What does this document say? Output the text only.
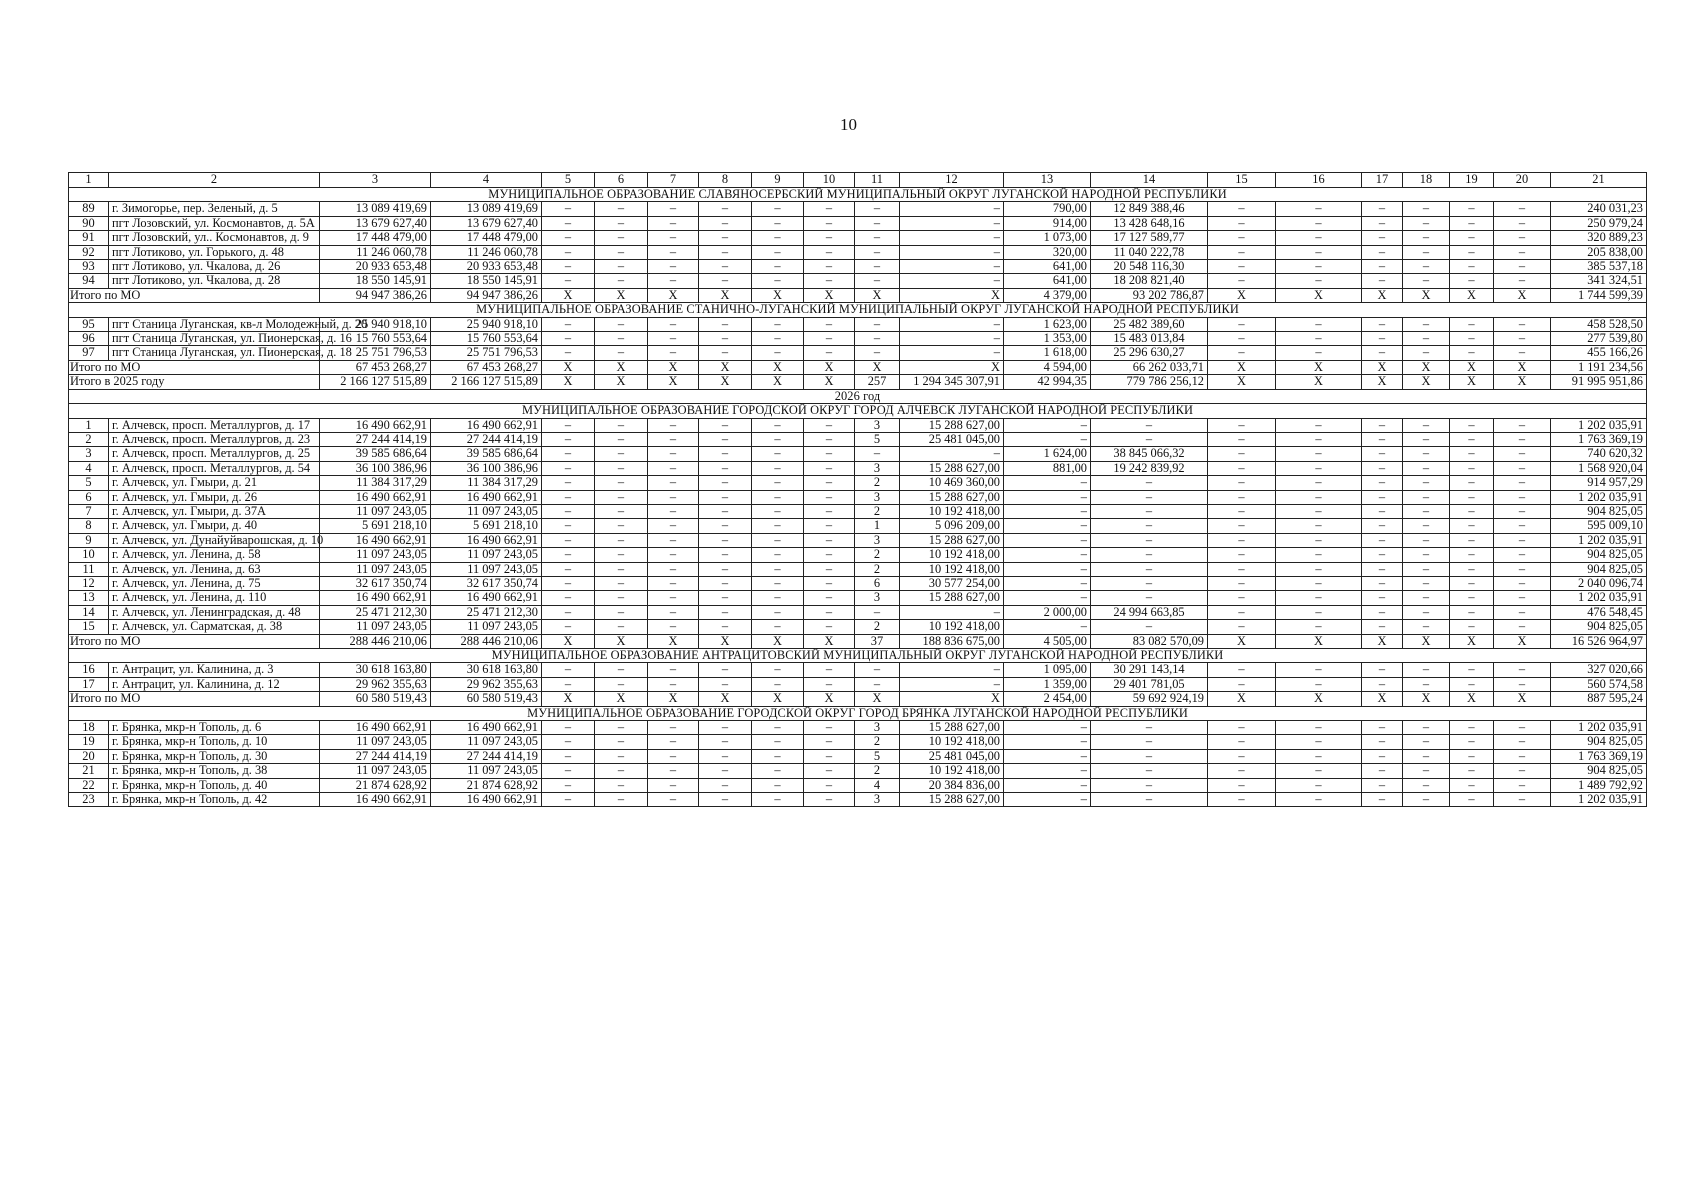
10
1	2	3	4	5	6	7	8	9	10	11	12	13	14	15	16	17	18	19	20	21
МУНИЦИПАЛЬНОЕ ОБРАЗОВАНИЕ СЛАВЯНОСЕРБСКИЙ МУНИЦИПАЛЬНЫЙ ОКРУГ ЛУГАНСКОЙ НАРОДНОЙ РЕСПУБЛИКИ																				
89	г. Зимогорье, пер. Зеленый, д. 5	13 089 419,69	13 089 419,69	–	–	–	–	–	–	–	–	790,00	12 849 388,46	–	–	–	–	–	–	240 031,23
90	пгт Лозовский, ул. Космонавтов, д. 5А	13 679 627,40	13 679 627,40	–	–	–	–	–	–	–	–	914,00	13 428 648,16	–	–	–	–	–	–	250 979,24
91	пгт Лозовский, ул.. Космонавтов, д. 9	17 448 479,00	17 448 479,00	–	–	–	–	–	–	–	–	1 073,00	17 127 589,77	–	–	–	–	–	–	320 889,23
92	пгт Лотиково, ул. Горького, д. 48	11 246 060,78	11 246 060,78	–	–	–	–	–	–	–	–	320,00	11 040 222,78	–	–	–	–	–	–	205 838,00
93	пгт Лотиково, ул. Чкалова, д. 26	20 933 653,48	20 933 653,48	–	–	–	–	–	–	–	–	641,00	20 548 116,30	–	–	–	–	–	–	385 537,18
94	пгт Лотиково, ул. Чкалова, д. 28	18 550 145,91	18 550 145,91	–	–	–	–	–	–	–	–	641,00	18 208 821,40	–	–	–	–	–	–	341 324,51
Итого по МО		94 947 386,26	94 947 386,26	X	X	X	X	X	X	X	X	4 379,00	93 202 786,87	X	X	X	X	X	X	1 744 599,39
МУНИЦИПАЛЬНОЕ ОБРАЗОВАНИЕ СТАНИЧНО-ЛУГАНСКИЙ МУНИЦИПАЛЬНЫЙ ОКРУГ ЛУГАНСКОЙ НАРОДНОЙ РЕСПУБЛИКИ																				
95	пгт Станица Луганская, кв-л Молодежный, д. 20	25 940 918,10	25 940 918,10	–	–	–	–	–	–	–	–	1 623,00	25 482 389,60	–	–	–	–	–	–	458 528,50
96	пгт Станица Луганская, ул. Пионерская, д. 16	15 760 553,64	15 760 553,64	–	–	–	–	–	–	–	–	1 353,00	15 483 013,84	–	–	–	–	–	–	277 539,80
97	пгт Станица Луганская, ул. Пионерская, д. 18	25 751 796,53	25 751 796,53	–	–	–	–	–	–	–	–	1 618,00	25 296 630,27	–	–	–	–	–	–	455 166,26
Итого по МО		67 453 268,27	67 453 268,27	X	X	X	X	X	X	X	X	4 594,00	66 262 033,71	X	X	X	X	X	X	1 191 234,56
Итого в 2025 году		2 166 127 515,89	2 166 127 515,89	X	X	X	X	X	X	257	1 294 345 307,91	42 994,35	779 786 256,12	X	X	X	X	X	X	91 995 951,86
2026 год																				
МУНИЦИПАЛЬНОЕ ОБРАЗОВАНИЕ ГОРОДСКОЙ ОКРУГ ГОРОД АЛЧЕВСК ЛУГАНСКОЙ НАРОДНОЙ РЕСПУБЛИКИ																				
1	г. Алчевск, просп. Металлургов, д. 17	16 490 662,91	16 490 662,91	–	–	–	–	–	–	3	15 288 627,00	–	–	–	–	–	–	–	–	1 202 035,91
2	г. Алчевск, просп. Металлургов, д. 23	27 244 414,19	27 244 414,19	–	–	–	–	–	–	5	25 481 045,00	–	–	–	–	–	–	–	–	1 763 369,19
3	г. Алчевск, просп. Металлургов, д. 25	39 585 686,64	39 585 686,64	–	–	–	–	–	–	–	–	1 624,00	38 845 066,32	–	–	–	–	–	–	740 620,32
4	г. Алчевск, просп. Металлургов, д. 54	36 100 386,96	36 100 386,96	–	–	–	–	–	–	3	15 288 627,00	881,00	19 242 839,92	–	–	–	–	–	–	1 568 920,04
5	г. Алчевск, ул. Гмыри, д. 21	11 384 317,29	11 384 317,29	–	–	–	–	–	–	2	10 469 360,00	–	–	–	–	–	–	–	–	914 957,29
6	г. Алчевск, ул. Гмыри, д. 26	16 490 662,91	16 490 662,91	–	–	–	–	–	–	3	15 288 627,00	–	–	–	–	–	–	–	–	1 202 035,91
7	г. Алчевск, ул. Гмыри, д. 37А	11 097 243,05	11 097 243,05	–	–	–	–	–	–	2	10 192 418,00	–	–	–	–	–	–	–	–	904 825,05
8	г. Алчевск, ул. Гмыри, д. 40	5 691 218,10	5 691 218,10	–	–	–	–	–	–	1	5 096 209,00	–	–	–	–	–	–	–	–	595 009,10
9	г. Алчевск, ул. Дунайуйварошская, д. 10	16 490 662,91	16 490 662,91	–	–	–	–	–	–	3	15 288 627,00	–	–	–	–	–	–	–	–	1 202 035,91
10	г. Алчевск, ул. Ленина, д. 58	11 097 243,05	11 097 243,05	–	–	–	–	–	–	2	10 192 418,00	–	–	–	–	–	–	–	–	904 825,05
11	г. Алчевск, ул. Ленина, д. 63	11 097 243,05	11 097 243,05	–	–	–	–	–	–	2	10 192 418,00	–	–	–	–	–	–	–	–	904 825,05
12	г. Алчевск, ул. Ленина, д. 75	32 617 350,74	32 617 350,74	–	–	–	–	–	–	6	30 577 254,00	–	–	–	–	–	–	–	–	2 040 096,74
13	г. Алчевск, ул. Ленина, д. 110	16 490 662,91	16 490 662,91	–	–	–	–	–	–	3	15 288 627,00	–	–	–	–	–	–	–	–	1 202 035,91
14	г. Алчевск, ул. Ленинградская, д. 48	25 471 212,30	25 471 212,30	–	–	–	–	–	–	–	–	2 000,00	24 994 663,85	–	–	–	–	–	–	476 548,45
15	г. Алчевск, ул. Сарматская, д. 38	11 097 243,05	11 097 243,05	–	–	–	–	–	–	2	10 192 418,00	–	–	–	–	–	–	–	–	904 825,05
Итого по МО		288 446 210,06	288 446 210,06	X	X	X	X	X	X	37	188 836 675,00	4 505,00	83 082 570,09	X	X	X	X	X	X	16 526 964,97
МУНИЦИПАЛЬНОЕ ОБРАЗОВАНИЕ АНТРАЦИТОВСКИЙ МУНИЦИПАЛЬНЫЙ ОКРУГ ЛУГАНСКОЙ НАРОДНОЙ РЕСПУБЛИКИ																				
16	г. Антрацит, ул. Калинина, д. 3	30 618 163,80	30 618 163,80	–	–	–	–	–	–	–	–	1 095,00	30 291 143,14	–	–	–	–	–	–	327 020,66
17	г. Антрацит, ул. Калинина, д. 12	29 962 355,63	29 962 355,63	–	–	–	–	–	–	–	–	1 359,00	29 401 781,05	–	–	–	–	–	–	560 574,58
Итого по МО		60 580 519,43	60 580 519,43	X	X	X	X	X	X	X	X	2 454,00	59 692 924,19	X	X	X	X	X	X	887 595,24
МУНИЦИПАЛЬНОЕ ОБРАЗОВАНИЕ ГОРОДСКОЙ ОКРУГ ГОРОД БРЯНКА ЛУГАНСКОЙ НАРОДНОЙ РЕСПУБЛИКИ																				
18	г. Брянка, мкр-н Тополь, д. 6	16 490 662,91	16 490 662,91	–	–	–	–	–	–	3	15 288 627,00	–	–	–	–	–	–	–	–	1 202 035,91
19	г. Брянка, мкр-н Тополь, д. 10	11 097 243,05	11 097 243,05	–	–	–	–	–	–	2	10 192 418,00	–	–	–	–	–	–	–	–	904 825,05
20	г. Брянка, мкр-н Тополь, д. 30	27 244 414,19	27 244 414,19	–	–	–	–	–	–	5	25 481 045,00	–	–	–	–	–	–	–	–	1 763 369,19
21	г. Брянка, мкр-н Тополь, д. 38	11 097 243,05	11 097 243,05	–	–	–	–	–	–	2	10 192 418,00	–	–	–	–	–	–	–	–	904 825,05
22	г. Брянка, мкр-н Тополь, д. 40	21 874 628,92	21 874 628,92	–	–	–	–	–	–	4	20 384 836,00	–	–	–	–	–	–	–	–	1 489 792,92
23	г. Брянка, мкр-н Тополь, д. 42	16 490 662,91	16 490 662,91	–	–	–	–	–	–	3	15 288 627,00	–	–	–	–	–	–	–	–	1 202 035,91
